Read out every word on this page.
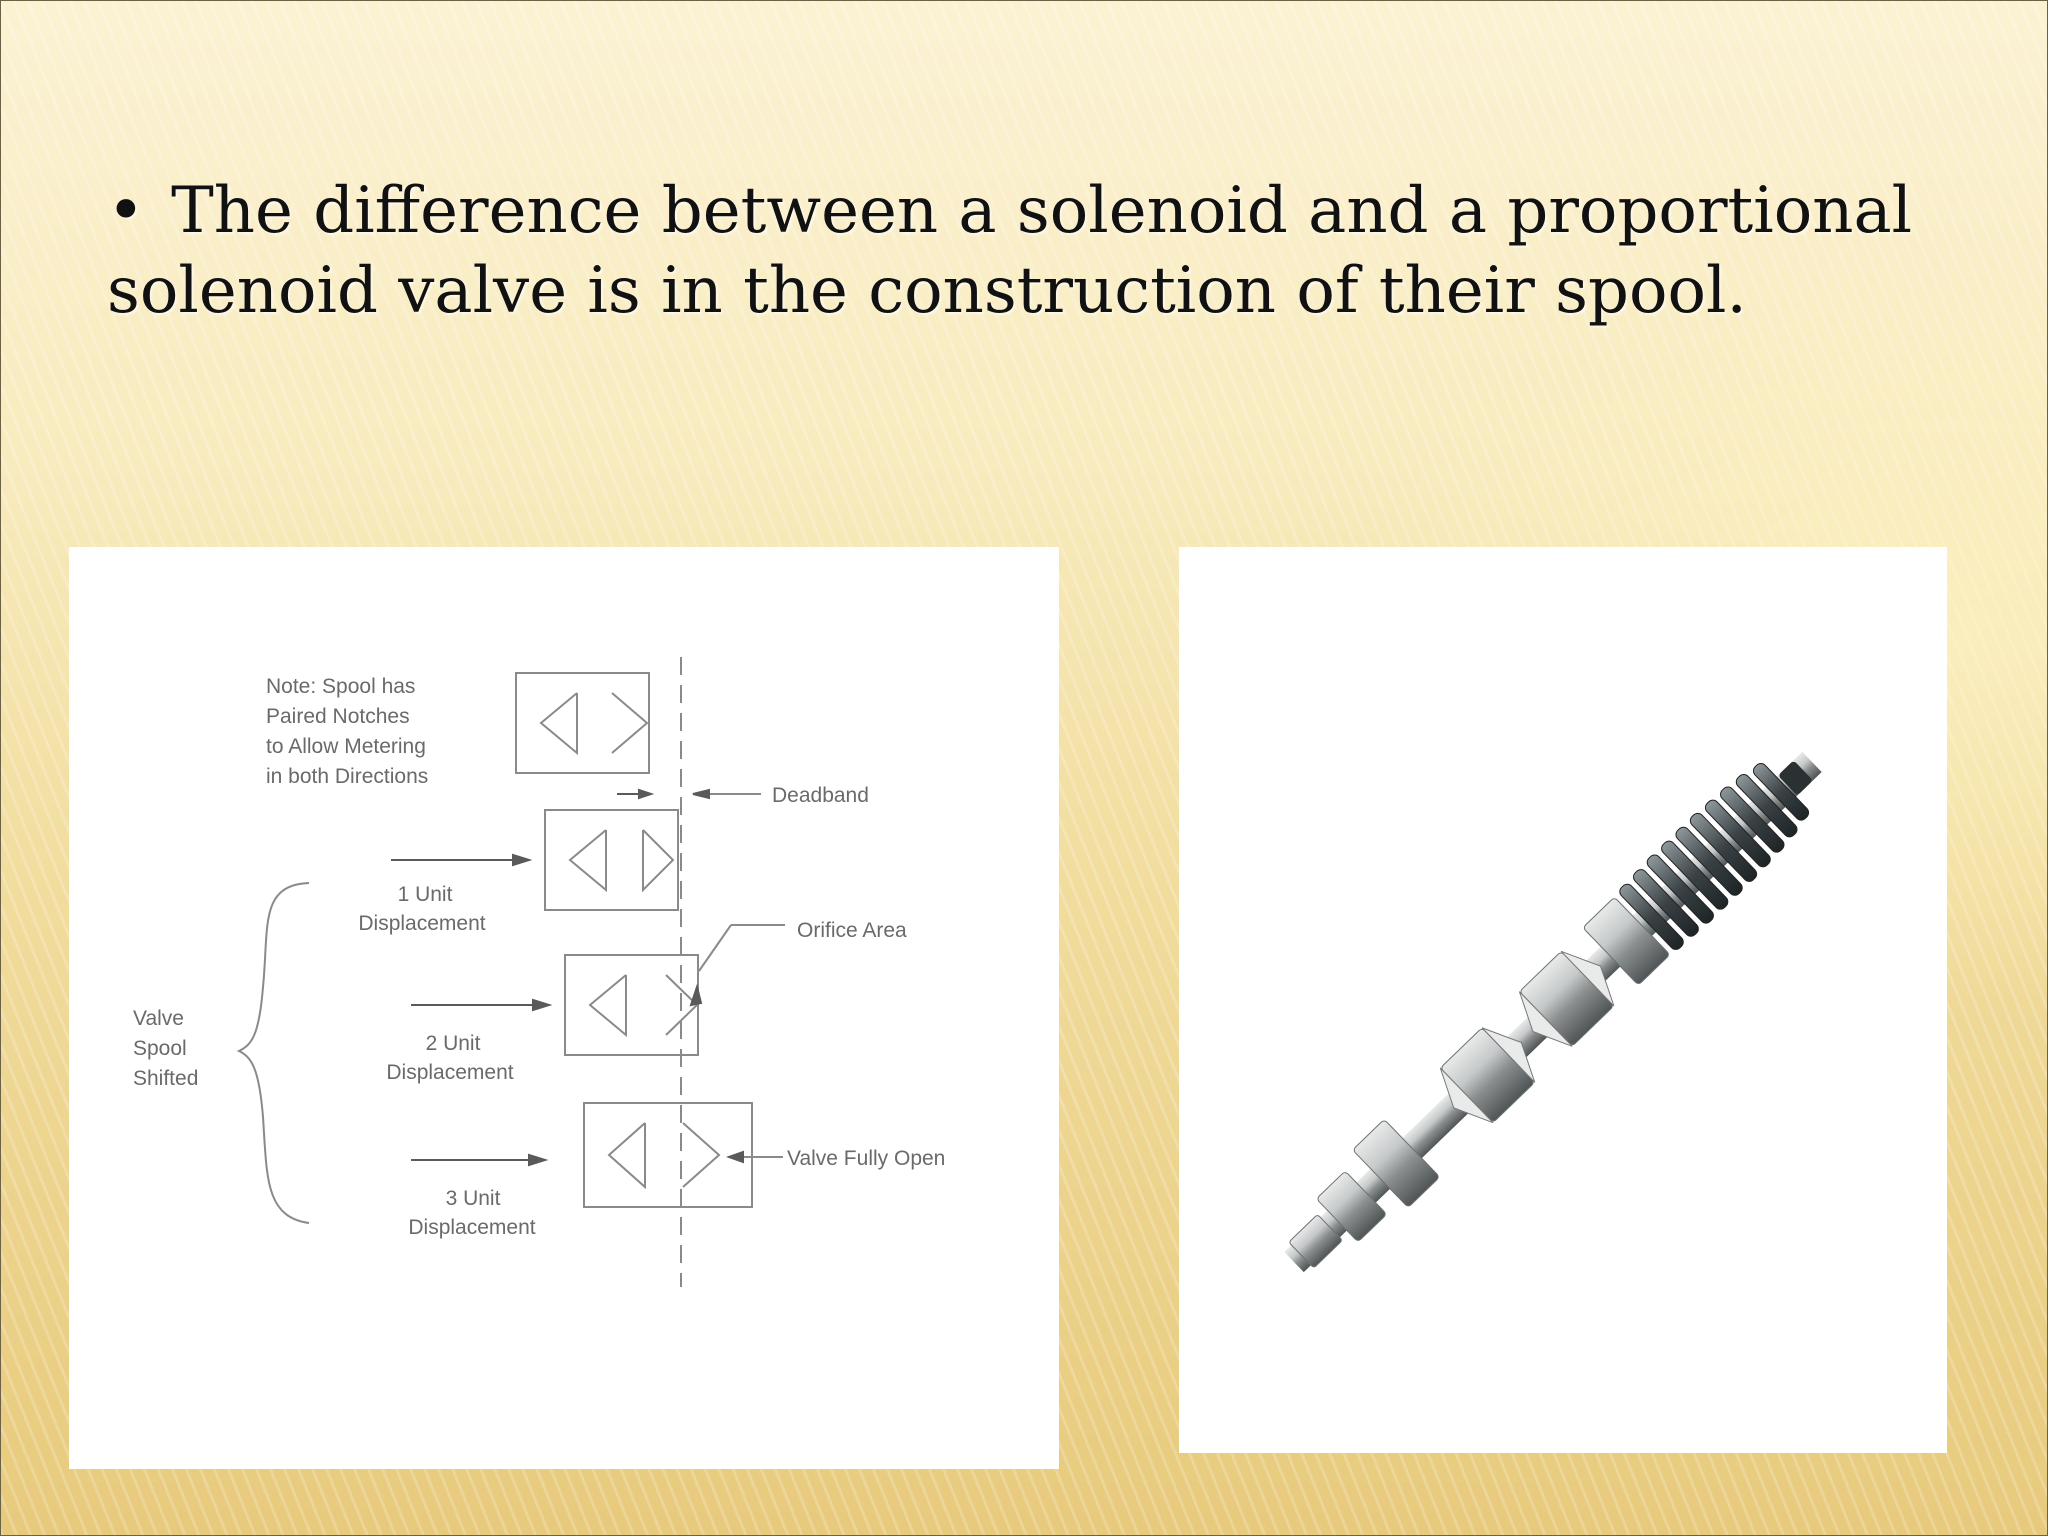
• The difference between a solenoid and a proportional solenoid valve is in the construction of their spool.
Note: Spool has
Paired Notches
to Allow Metering
in both Directions
Deadband
Orifice Area
Valve Fully Open
1 Unit
Displacement
2 Unit
Displacement
3 Unit
Displacement
Valve
Spool
Shifted
